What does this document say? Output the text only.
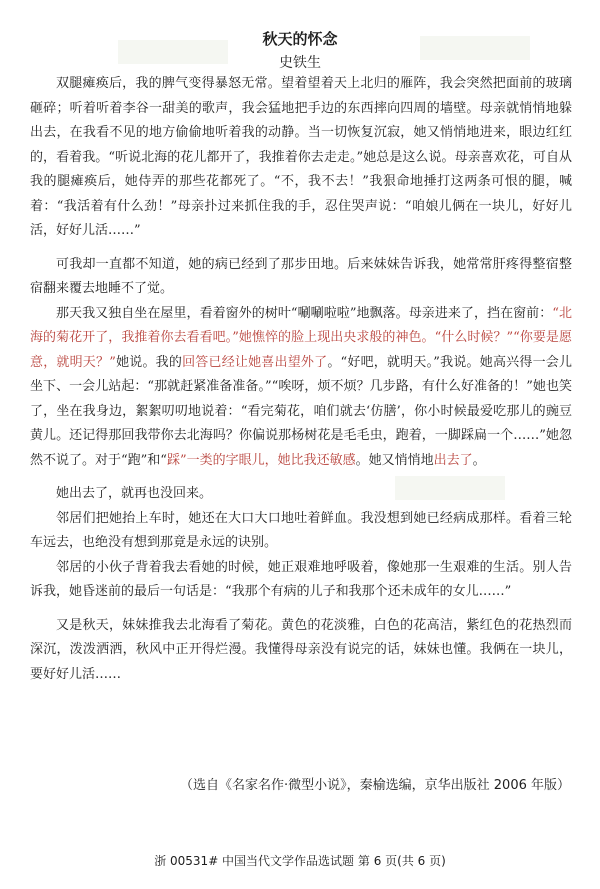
秋天的怀念
史铁生

双腿瘫痪后，我的脾气变得暴怒无常。望着望着天上北归的雁阵，我会突然把面前的玻璃砸碎；听着听着李谷一甜美的歌声，我会猛地把手边的东西摔向四周的墙壁。母亲就悄悄地躲出去，在我看不见的地方偷偷地听着我的动静。当一切恢复沉寂，她又悄悄地进来，眼边红红的，看着我。“听说北海的花儿都开了，我推着你去走走。”她总是这么说。母亲喜欢花，可自从我的腿瘫痪后，她侍弄的那些花都死了。“不，我不去！”我狠命地捶打这两条可恨的腿，喊着：“我活着有什么劲！”母亲扑过来抓住我的手，忍住哭声说：“咱娘儿俩在一块儿，好好儿活，好好儿活……”

可我却一直都不知道，她的病已经到了那步田地。后来妹妹告诉我，她常常肝疼得整宿整宿翻来覆去地睡不了觉。

那天我又独自坐在屋里，看着窗外的树叶“唰唰啦啦”地飘落。母亲进来了，挡在窗前：“北海的菊花开了，我推着你去看看吧。”她憔悴的脸上现出央求般的神色。“什么时候？”“你要是愿意，就明天？”她说。我的回答已经让她喜出望外了。“好吧，就明天。”我说。她高兴得一会儿坐下、一会儿站起：“那就赶紧准备准备。”“唉呀，烦不烦？几步路，有什么好准备的！”她也笑了，坐在我身边，絮絮叨叨地说着：“看完菊花，咱们就去‘仿膳’，你小时候最爱吃那儿的豌豆黄儿。还记得那回我带你去北海吗？你偏说那杨树花是毛毛虫，跑着，一脚踩扁一个……”她忽然不说了。对于“跑”和“踩”一类的字眼儿，她比我还敏感。她又悄悄地出去了。

她出去了，就再也没回来。

邻居们把她抬上车时，她还在大口大口地吐着鲜血。我没想到她已经病成那样。看着三轮车远去，也绝没有想到那竟是永远的诀别。

邻居的小伙子背着我去看她的时候，她正艰难地呼吸着，像她那一生艰难的生活。别人告诉我，她昏迷前的最后一句话是：“我那个有病的儿子和我那个还未成年的女儿……”

又是秋天，妹妹推我去北海看了菊花。黄色的花淡雅，白色的花高洁，紫红色的花热烈而深沉，泼泼洒洒，秋风中正开得烂漫。我懂得母亲没有说完的话，妹妹也懂。我俩在一块儿，要好好儿活……

（选自《名家名作·微型小说》，秦榆选编，京华出版社 2006 年版）
浙 00531# 中国当代文学作品选试题 第 6 页(共 6 页)
